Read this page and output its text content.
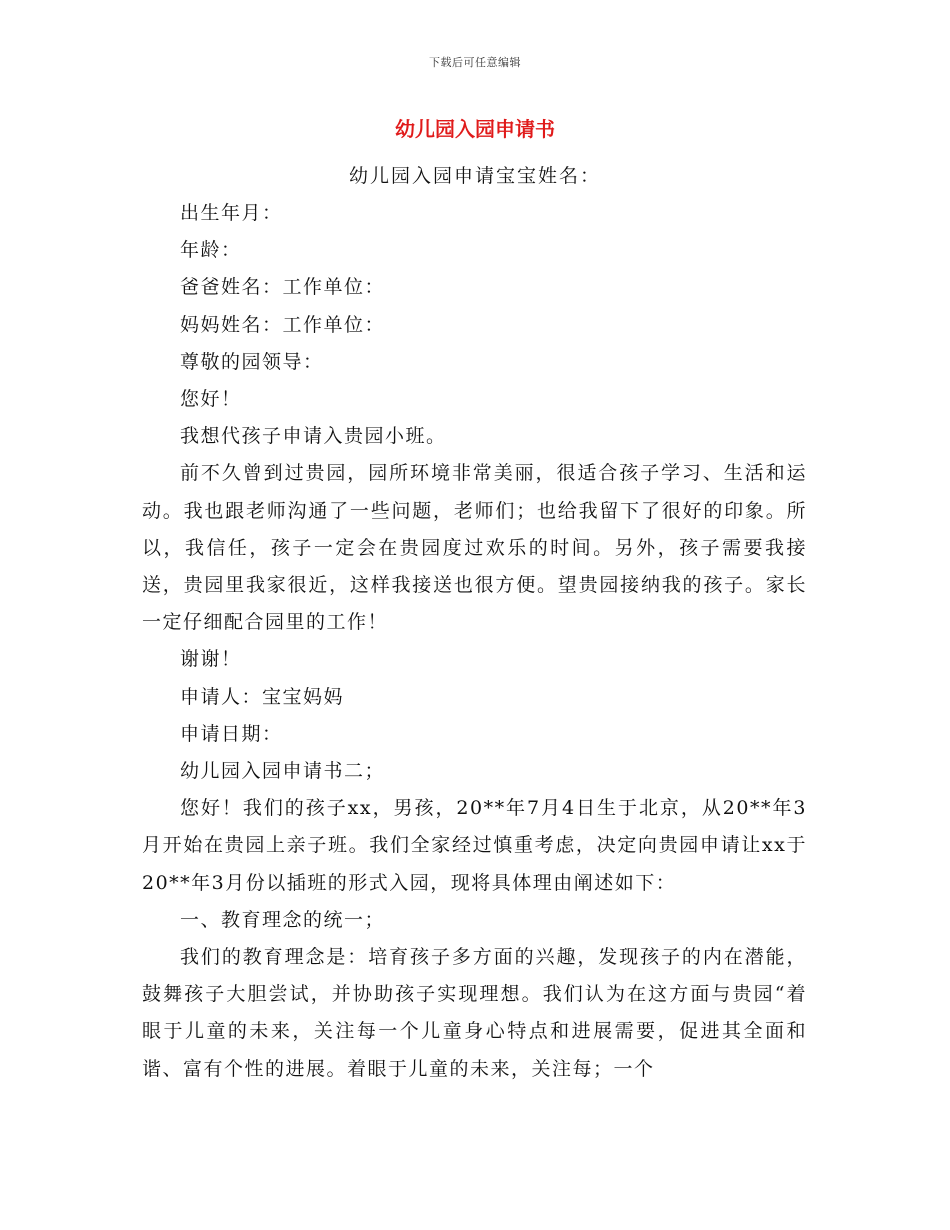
下载后可任意编辑
幼儿园入园申请书
幼儿园入园申请宝宝姓名：

出生年月：

年龄：

爸爸姓名：工作单位：

妈妈姓名：工作单位：

尊敬的园领导：

您好！

我想代孩子申请入贵园小班。

前不久曾到过贵园，园所环境非常美丽，很适合孩子学习、生活和运动。我也跟老师沟通了一些问题，老师们；也给我留下了很好的印象。所以，我信任，孩子一定会在贵园度过欢乐的时间。另外，孩子需要我接送，贵园里我家很近，这样我接送也很方便。望贵园接纳我的孩子。家长一定仔细配合园里的工作！

谢谢！

申请人：宝宝妈妈

申请日期：

幼儿园入园申请书二；

您好！我们的孩子xx，男孩，20**年7月4日生于北京，从20**年3月开始在贵园上亲子班。我们全家经过慎重考虑，决定向贵园申请让xx于20**年3月份以插班的形式入园，现将具体理由阐述如下：

一、教育理念的统一；

我们的教育理念是：培育孩子多方面的兴趣，发现孩子的内在潜能，鼓舞孩子大胆尝试，并协助孩子实现理想。我们认为在这方面与贵园“着眼于儿童的未来，关注每一个儿童身心特点和进展需要，促进其全面和谐、富有个性的进展。着眼于儿童的未来，关注每；一个
